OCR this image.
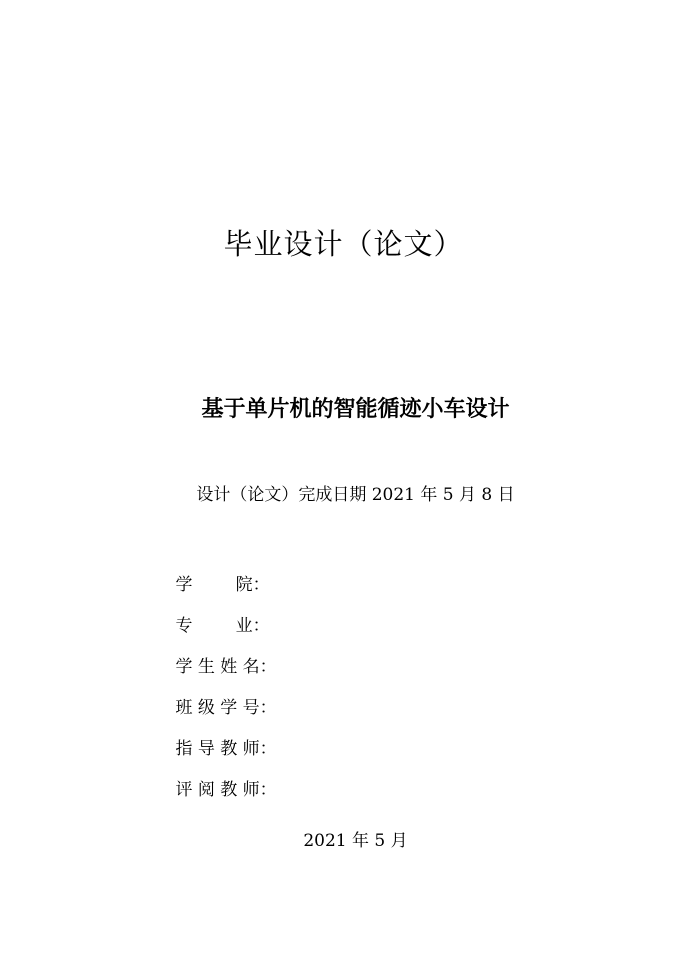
毕业设计（论文）
基于单片机的智能循迹小车设计
设计（论文）完成日期 2021 年 5 月 8 日

学        院：

专        业：

学 生 姓 名：

班 级 学 号：

指 导 教 师：

评 阅 教 师：

2021 年 5 月
